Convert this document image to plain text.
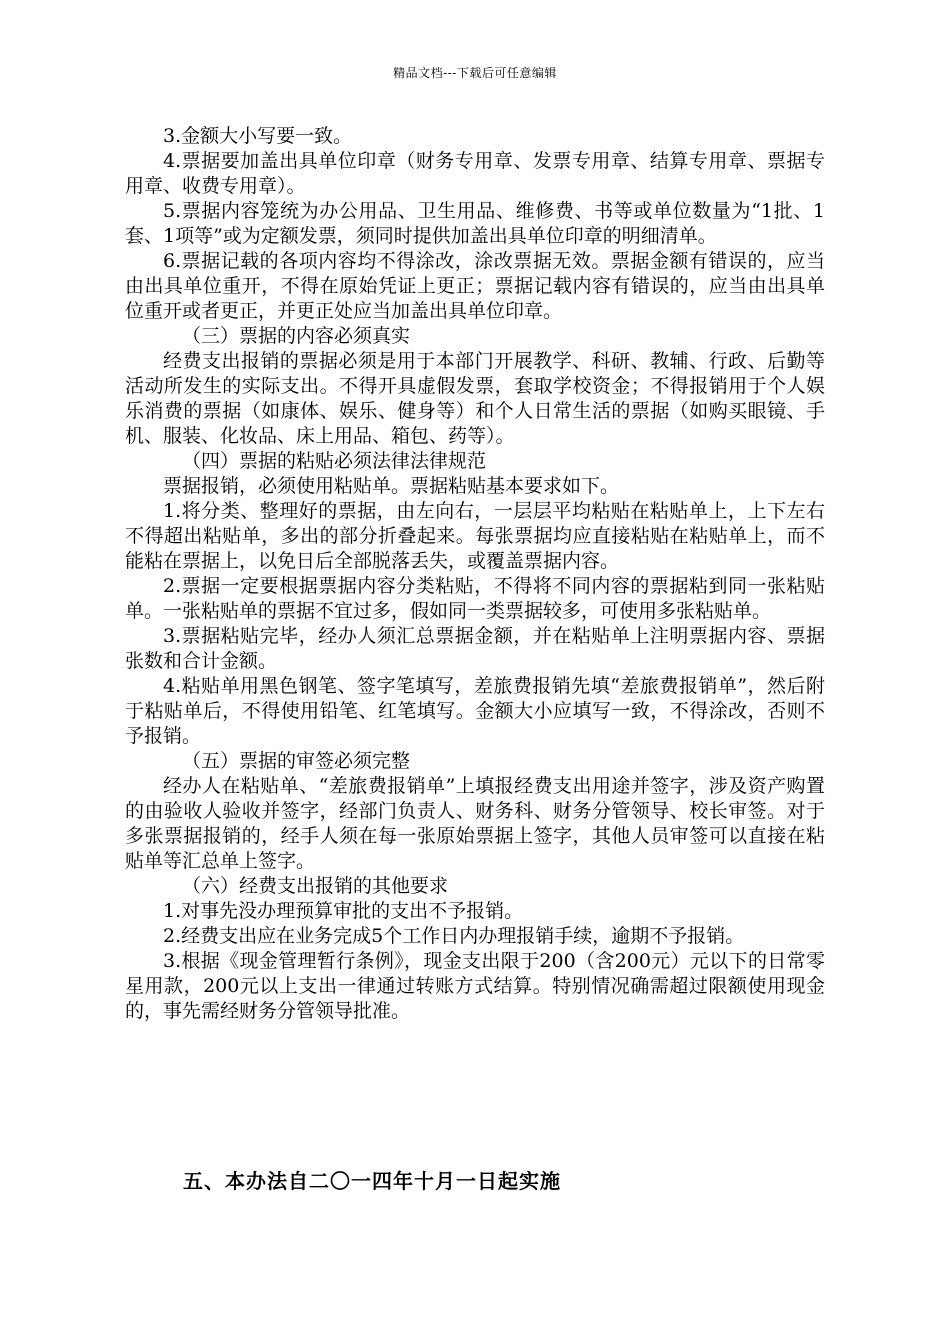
精品文档---下载后可任意编辑

3.金额大小写要一致。

4.票据要加盖出具单位印章（财务专用章、发票专用章、结算专用章、票据专用章、收费专用章）。

5.票据内容笼统为办公用品、卫生用品、维修费、书等或单位数量为“1批、1套、1项等”或为定额发票，须同时提供加盖出具单位印章的明细清单。

6.票据记载的各项内容均不得涂改，涂改票据无效。票据金额有错误的，应当由出具单位重开，不得在原始凭证上更正；票据记载内容有错误的，应当由出具单位重开或者更正，并更正处应当加盖出具单位印章。

（三）票据的内容必须真实

经费支出报销的票据必须是用于本部门开展教学、科研、教辅、行政、后勤等活动所发生的实际支出。不得开具虚假发票，套取学校资金；不得报销用于个人娱乐消费的票据（如康体、娱乐、健身等）和个人日常生活的票据（如购买眼镜、手机、服装、化妆品、床上用品、箱包、药等）。

（四）票据的粘贴必须法律法律规范

票据报销，必须使用粘贴单。票据粘贴基本要求如下。

1.将分类、整理好的票据，由左向右，一层层平均粘贴在粘贴单上，上下左右不得超出粘贴单，多出的部分折叠起来。每张票据均应直接粘贴在粘贴单上，而不能粘在票据上，以免日后全部脱落丢失，或覆盖票据内容。

2.票据一定要根据票据内容分类粘贴，不得将不同内容的票据粘到同一张粘贴单。一张粘贴单的票据不宜过多，假如同一类票据较多，可使用多张粘贴单。

3.票据粘贴完毕，经办人须汇总票据金额，并在粘贴单上注明票据内容、票据张数和合计金额。

4.粘贴单用黑色钢笔、签字笔填写，差旅费报销先填“差旅费报销单”，然后附于粘贴单后，不得使用铅笔、红笔填写。金额大小应填写一致，不得涂改，否则不予报销。

（五）票据的审签必须完整

经办人在粘贴单、“差旅费报销单”上填报经费支出用途并签字，涉及资产购置的由验收人验收并签字，经部门负责人、财务科、财务分管领导、校长审签。对于多张票据报销的，经手人须在每一张原始票据上签字，其他人员审签可以直接在粘贴单等汇总单上签字。

（六）经费支出报销的其他要求

1.对事先没办理预算审批的支出不予报销。

2.经费支出应在业务完成5个工作日内办理报销手续，逾期不予报销。

3.根据《现金管理暂行条例》，现金支出限于200（含200元）元以下的日常零星用款，200元以上支出一律通过转账方式结算。特别情况确需超过限额使用现金的，事先需经财务分管领导批准。

五、本办法自二〇一四年十月一日起实施
